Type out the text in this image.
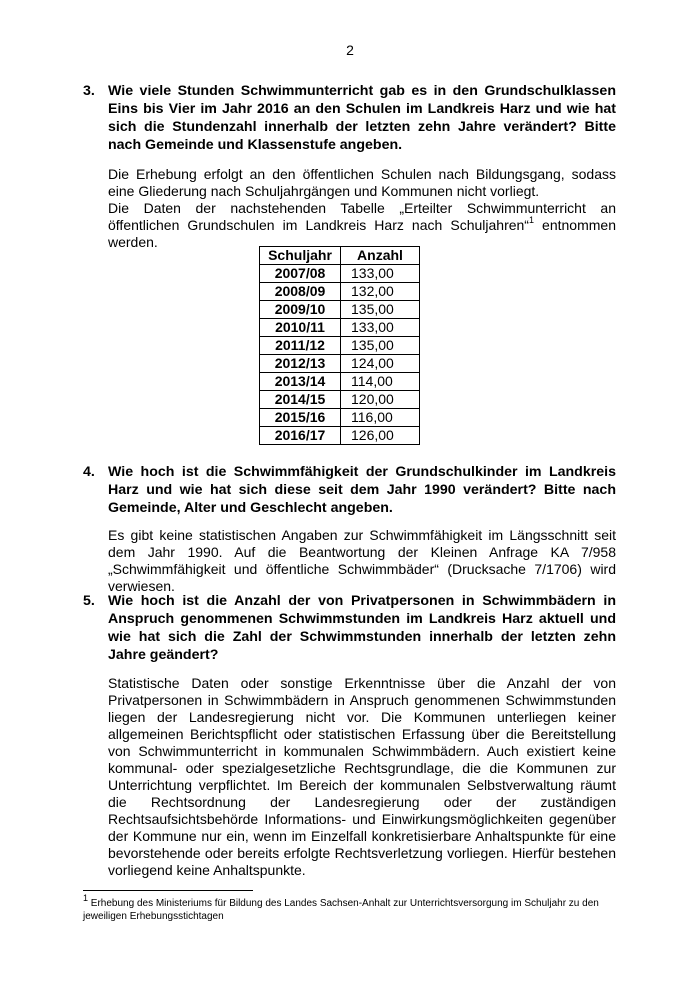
2
3. Wie viele Stunden Schwimmunterricht gab es in den Grundschulklassen Eins bis Vier im Jahr 2016 an den Schulen im Landkreis Harz und wie hat sich die Stundenzahl innerhalb der letzten zehn Jahre verändert? Bitte nach Gemeinde und Klassenstufe angeben.

Die Erhebung erfolgt an den öffentlichen Schulen nach Bildungsgang, sodass eine Gliederung nach Schuljahrgängen und Kommunen nicht vorliegt.

Die Daten der nachstehenden Tabelle „Erteilter Schwimmunterricht an öffentlichen Grundschulen im Landkreis Harz nach Schuljahren“$^1$ entnommen werden.

Schuljahr	Anzahl
2007/08	133,00
2008/09	132,00
2009/10	135,00
2010/11	133,00
2011/12	135,00
2012/13	124,00
2013/14	114,00
2014/15	120,00
2015/16	116,00
2016/17	126,00
4. Wie hoch ist die Schwimmfähigkeit der Grundschulkinder im Landkreis Harz und wie hat sich diese seit dem Jahr 1990 verändert? Bitte nach Gemeinde, Alter und Geschlecht angeben.

Es gibt keine statistischen Angaben zur Schwimmfähigkeit im Längsschnitt seit dem Jahr 1990. Auf die Beantwortung der Kleinen Anfrage KA 7/958 „Schwimmfähigkeit und öffentliche Schwimmbäder“ (Drucksache 7/1706) wird verwiesen.

5. Wie hoch ist die Anzahl der von Privatpersonen in Schwimmbädern in Anspruch genommenen Schwimmstunden im Landkreis Harz aktuell und wie hat sich die Zahl der Schwimmstunden innerhalb der letzten zehn Jahre geändert?

Statistische Daten oder sonstige Erkenntnisse über die Anzahl der von Privatpersonen in Schwimmbädern in Anspruch genommenen Schwimmstunden liegen der Landesregierung nicht vor. Die Kommunen unterliegen keiner allgemeinen Berichtspflicht oder statistischen Erfassung über die Bereitstellung von Schwimmunterricht in kommunalen Schwimmbädern. Auch existiert keine kommunal- oder spezialgesetzliche Rechtsgrundlage, die die Kommunen zur Unterrichtung verpflichtet. Im Bereich der kommunalen Selbstverwaltung räumt die Rechtsordnung der Landesregierung oder der zuständigen Rechtsaufsichtsbehörde Informations- und Einwirkungsmöglichkeiten gegenüber der Kommune nur ein, wenn im Einzelfall konkretisierbare Anhaltspunkte für eine bevorstehende oder bereits erfolgte Rechtsverletzung vorliegen. Hierfür bestehen vorliegend keine Anhaltspunkte.

$^1$ Erhebung des Ministeriums für Bildung des Landes Sachsen-Anhalt zur Unterrichtsversorgung im Schuljahr zu den jeweiligen Erhebungsstichtagen
